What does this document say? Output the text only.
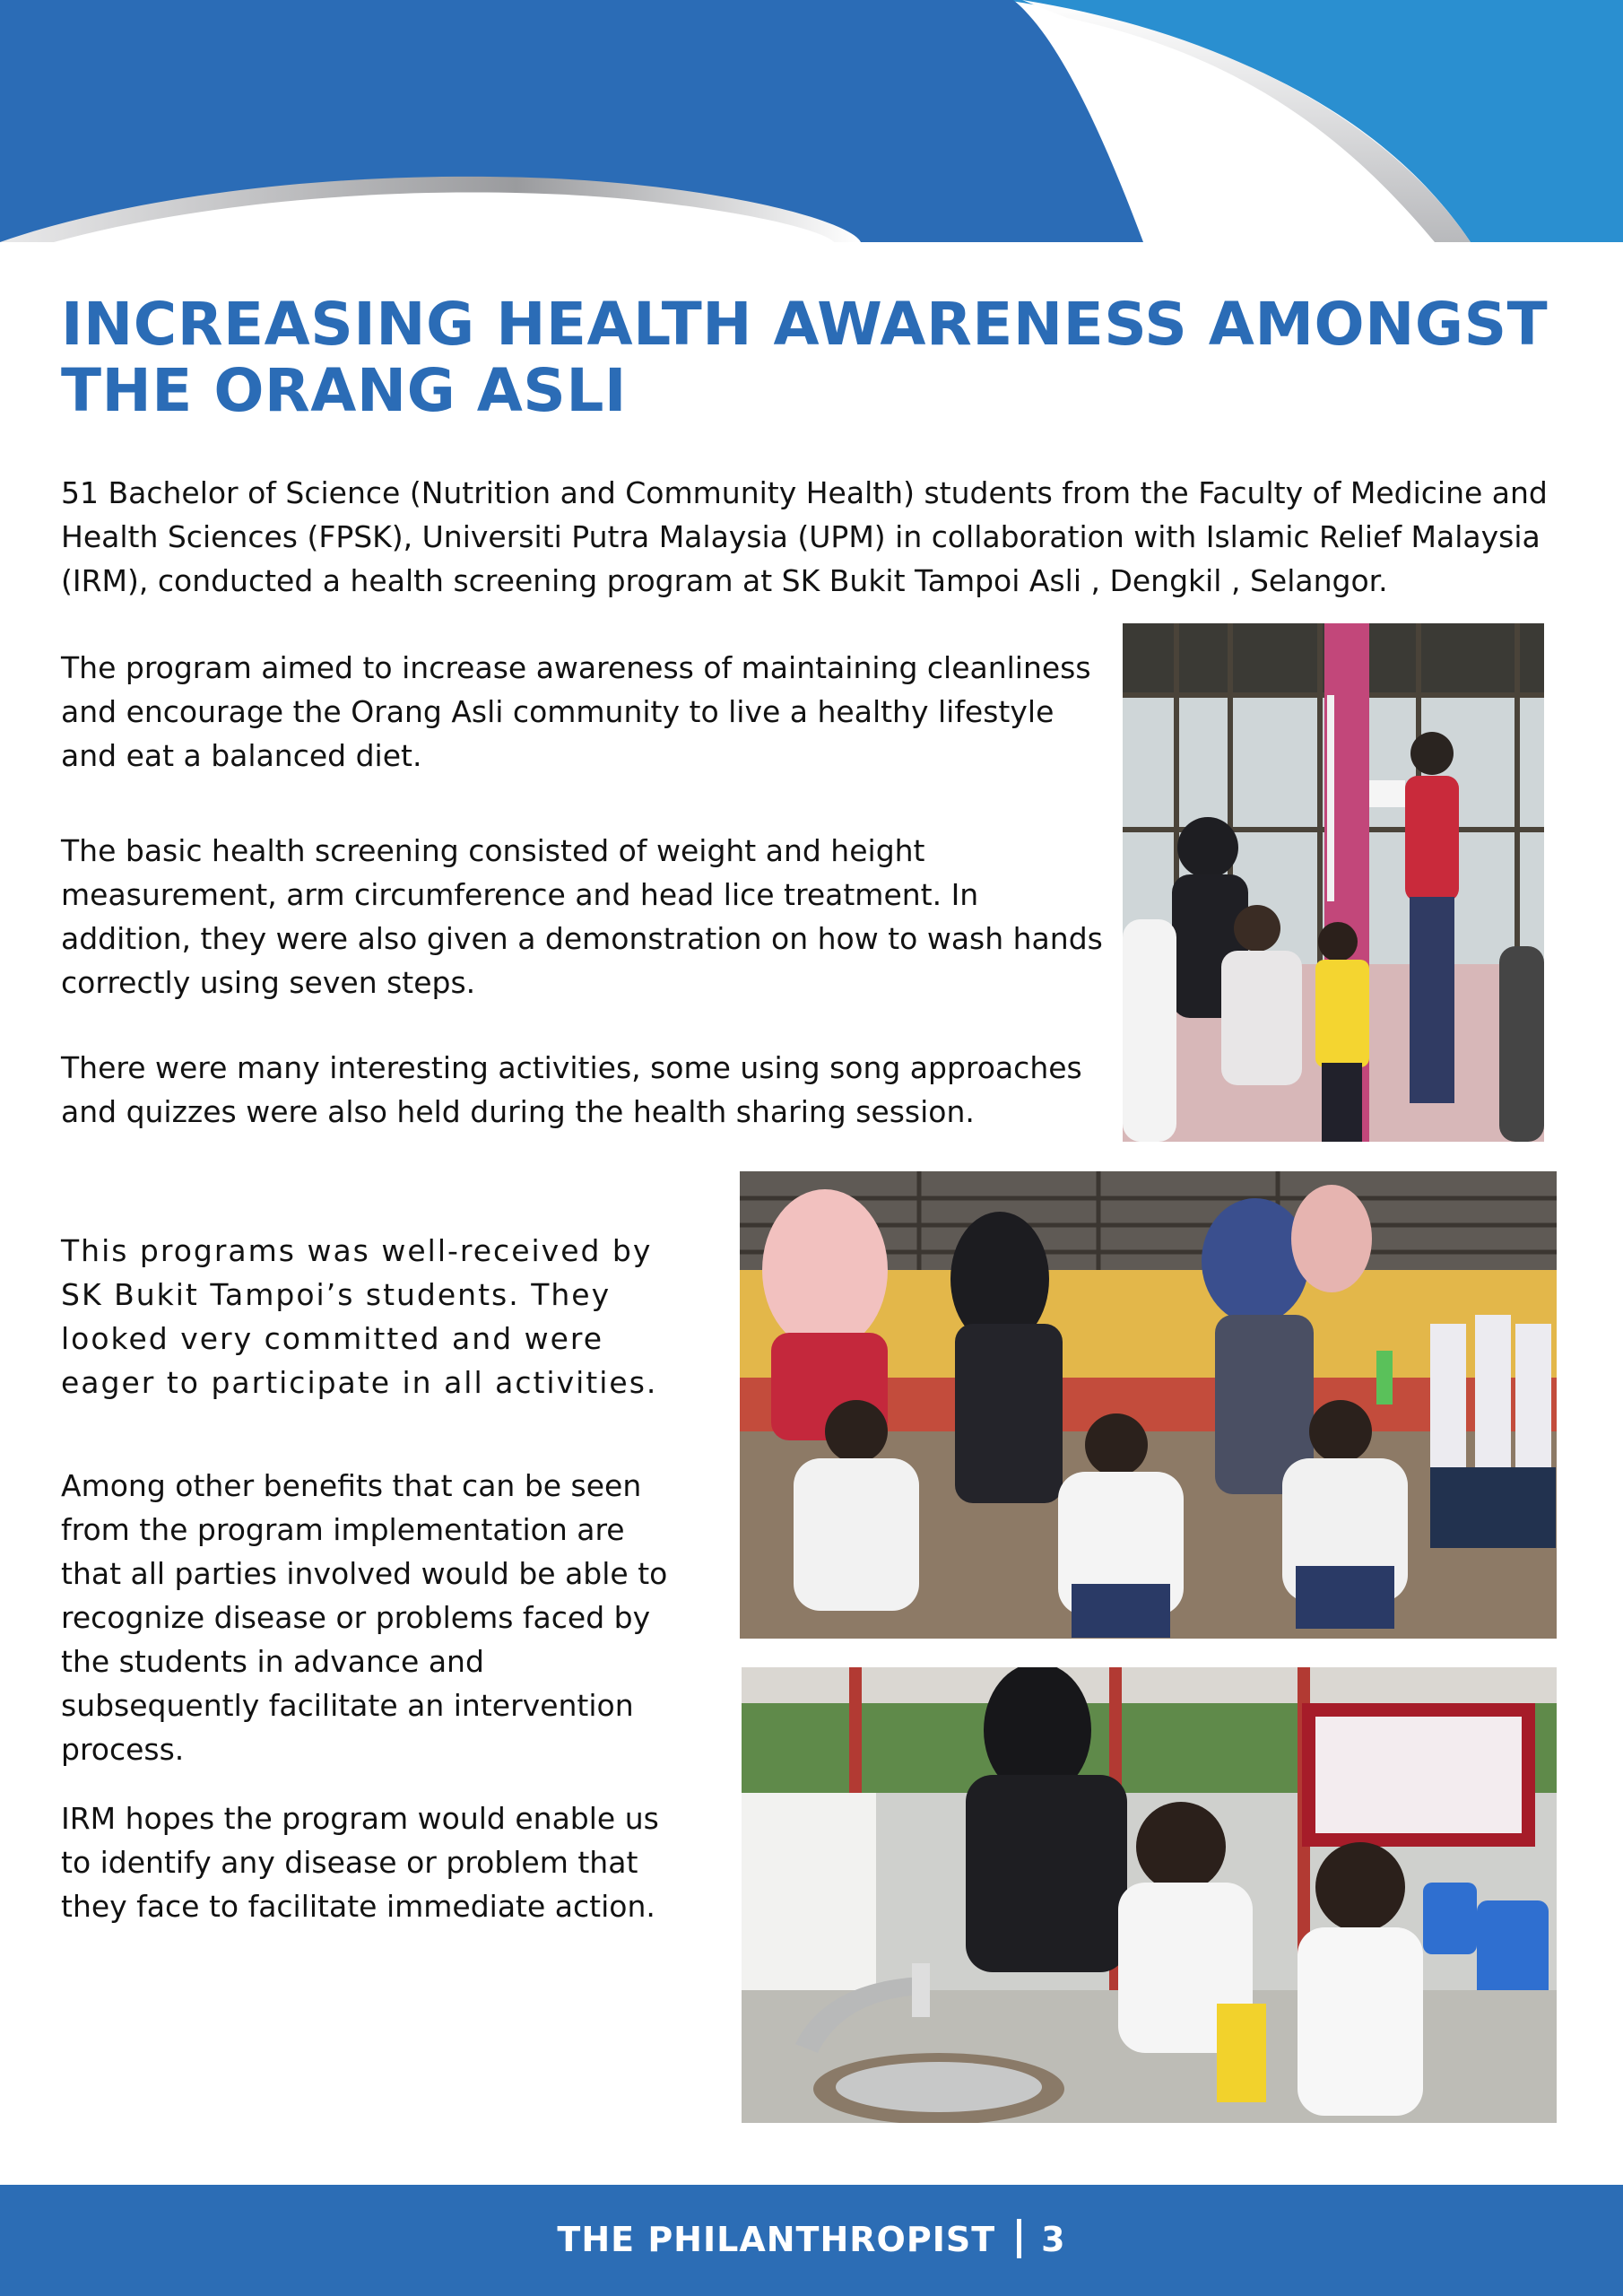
INCREASING HEALTH AWARENESS AMONGST THE ORANG ASLI

51 Bachelor of Science (Nutrition and Community Health) students from the Faculty of Medicine and Health Sciences (FPSK), Universiti Putra Malaysia (UPM) in collaboration with Islamic Relief Malaysia (IRM), conducted a health screening program at SK Bukit Tampoi Asli , Dengkil , Selangor.

The program aimed to increase awareness of maintaining cleanliness and encourage the Orang Asli community to live a healthy lifestyle and eat a balanced diet.

The basic health screening consisted of weight and height measurement, arm circumference and head lice treatment. In addition, they were also given a demonstration on how to wash hands correctly using seven steps.

There were many interesting activities, some using song approaches and quizzes were also held during the health sharing session.

This programs was well-received by SK Bukit Tampoi’s students. They looked very committed and were eager to participate in all activities.

Among other benefits that can be seen from the program implementation are that all parties involved would be able to recognize disease or problems faced by the students in advance and subsequently facilitate an intervention process.

IRM hopes the program would enable us to identify any disease or problem that they face to facilitate immediate action.

THE PHILANTHROPIST 3
